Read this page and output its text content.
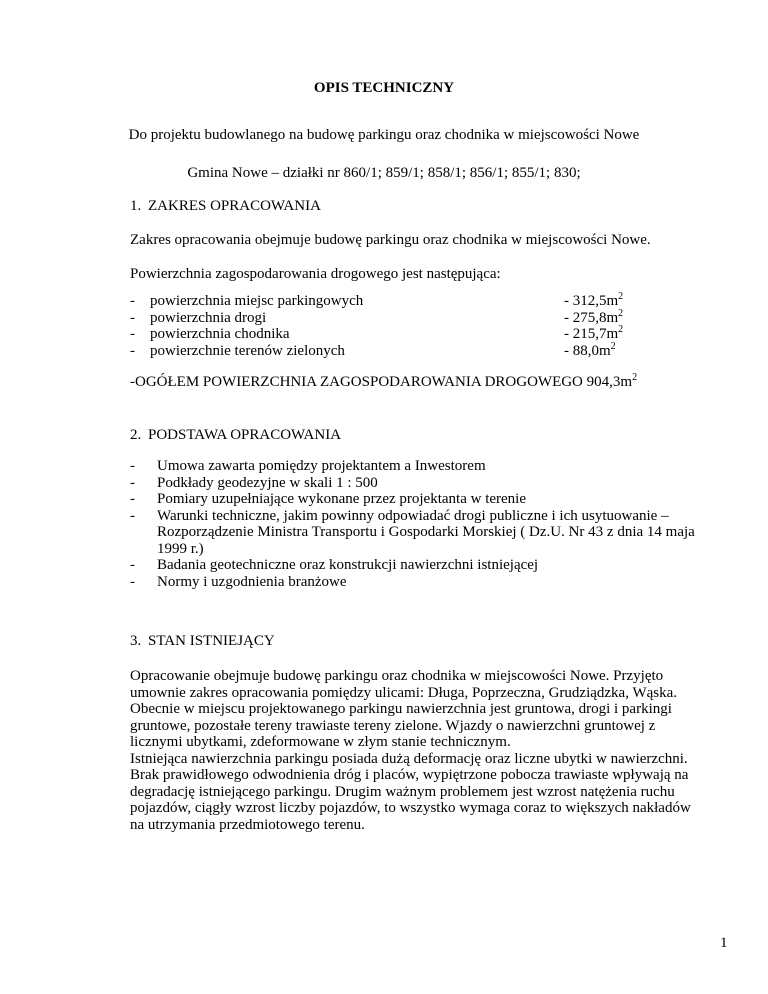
OPIS TECHNICZNY
Do projektu budowlanego na budowę parkingu oraz chodnika w miejscowości Nowe
Gmina Nowe – działki nr 860/1; 859/1; 858/1; 856/1; 855/1; 830;
1. ZAKRES OPRACOWANIA
Zakres opracowania obejmuje budowę parkingu oraz chodnika w miejscowości Nowe.
Powierzchnia zagospodarowania drogowego jest następująca:
- powierzchnia miejsc parkingowych	- $312,5m^2$
- powierzchnia drogi	- $275,8m^2$
- powierzchnia chodnika	- $215,7m^2$
- powierzchnie terenów zielonych	- $88,0m^2$
-OGÓŁEM POWIERZCHNIA ZAGOSPODAROWANIA DROGOWEGO $904,3m^2$
2. PODSTAWA OPRACOWANIA
- Umowa zawarta pomiędzy projektantem a Inwestorem
- Podkłady geodezyjne w skali 1 : 500
- Pomiary uzupełniające wykonane przez projektanta w terenie
- Warunki techniczne, jakim powinny odpowiadać drogi publiczne i ich usytuowanie –
Rozporządzenie Ministra Transportu i Gospodarki Morskiej ( Dz.U. Nr 43 z dnia 14 maja
1999 r.)
- Badania geotechniczne oraz konstrukcji nawierzchni istniejącej
- Normy i uzgodnienia branżowe
3. STAN ISTNIEJĄCY
Opracowanie obejmuje budowę parkingu oraz chodnika w miejscowości Nowe. Przyjęto
umownie zakres opracowania pomiędzy ulicami: Długa, Poprzeczna, Grudziądzka, Wąska.
Obecnie w miejscu projektowanego parkingu nawierzchnia jest gruntowa, drogi i parkingi
gruntowe, pozostałe tereny trawiaste tereny zielone. Wjazdy o nawierzchni gruntowej z
licznymi ubytkami, zdeformowane w złym stanie technicznym.
Istniejąca nawierzchnia parkingu posiada dużą deformację oraz liczne ubytki w nawierzchni.
Brak prawidłowego odwodnienia dróg i placów, wypiętrzone pobocza trawiaste wpływają na
degradację istniejącego parkingu. Drugim ważnym problemem jest wzrost natężenia ruchu
pojazdów, ciągły wzrost liczby pojazdów, to wszystko wymaga coraz to większych nakładów
na utrzymania przedmiotowego terenu.
1
